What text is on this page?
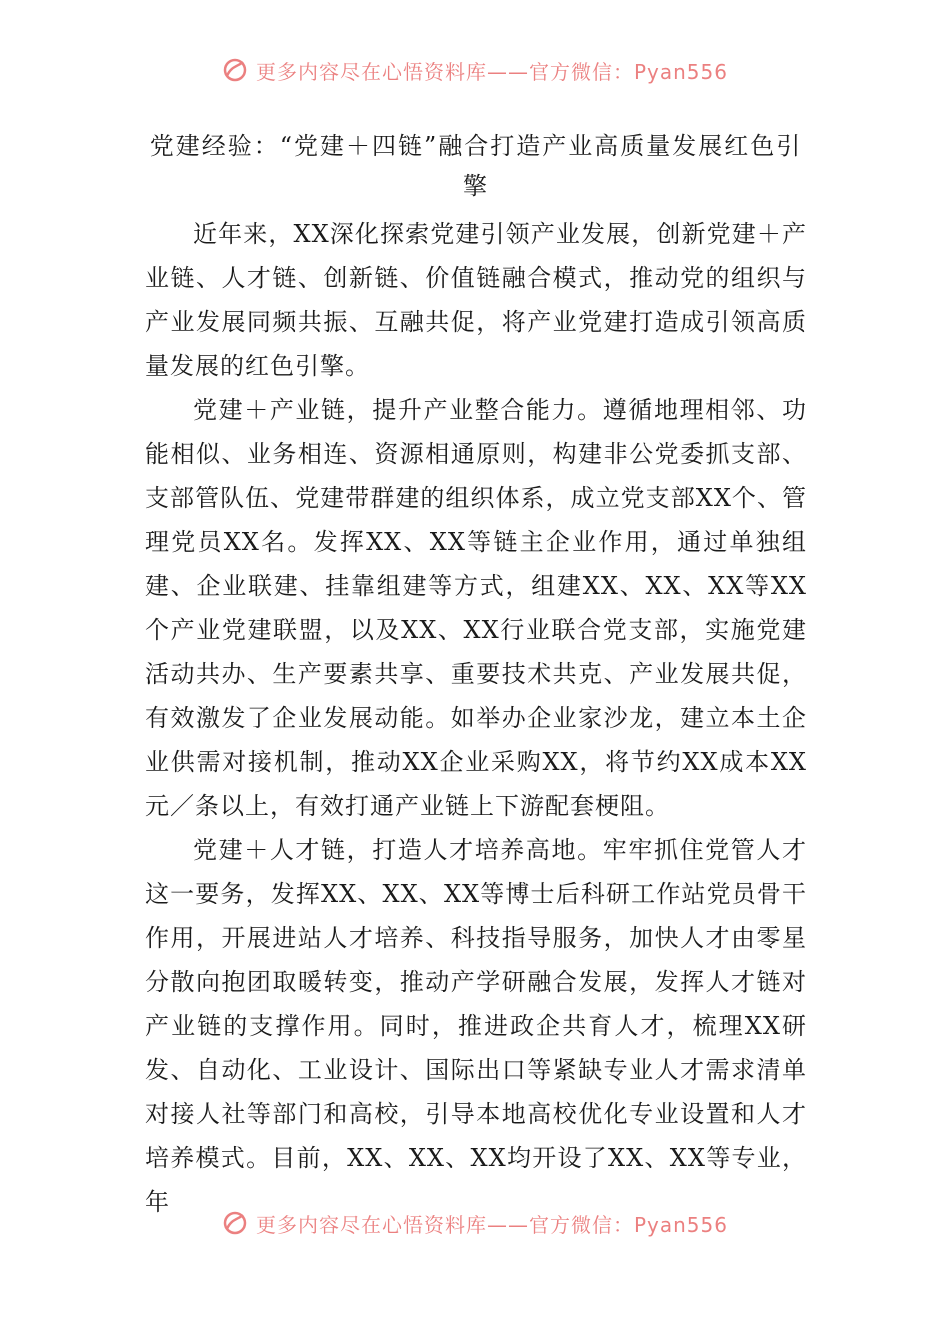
更多内容尽在心悟资料库——官方微信：Pyan556
党建经验：“党建＋四链”融合打造产业高质量发展红色引擎

近年来，XX深化探索党建引领产业发展，创新党建＋产业链、人才链、创新链、价值链融合模式，推动党的组织与产业发展同频共振、互融共促，将产业党建打造成引领高质量发展的红色引擎。

党建＋产业链，提升产业整合能力。遵循地理相邻、功能相似、业务相连、资源相通原则，构建非公党委抓支部、支部管队伍、党建带群建的组织体系，成立党支部XX个、管理党员XX名。发挥XX、XX等链主企业作用，通过单独组建、企业联建、挂靠组建等方式，组建XX、XX、XX等XX个产业党建联盟，以及XX、XX行业联合党支部，实施党建活动共办、生产要素共享、重要技术共克、产业发展共促，有效激发了企业发展动能。如举办企业家沙龙，建立本土企业供需对接机制，推动XX企业采购XX，将节约XX成本XX元／条以上，有效打通产业链上下游配套梗阻。

党建＋人才链，打造人才培养高地。牢牢抓住党管人才这一要务，发挥XX、XX、XX等博士后科研工作站党员骨干作用，开展进站人才培养、科技指导服务，加快人才由零星分散向抱团取暖转变，推动产学研融合发展，发挥人才链对产业链的支撑作用。同时，推进政企共育人才，梳理XX研发、自动化、工业设计、国际出口等紧缺专业人才需求清单对接人社等部门和高校，引导本地高校优化专业设置和人才培养模式。目前，XX、XX、XX均开设了XX、XX等专业，年

更多内容尽在心悟资料库——官方微信：Pyan556
